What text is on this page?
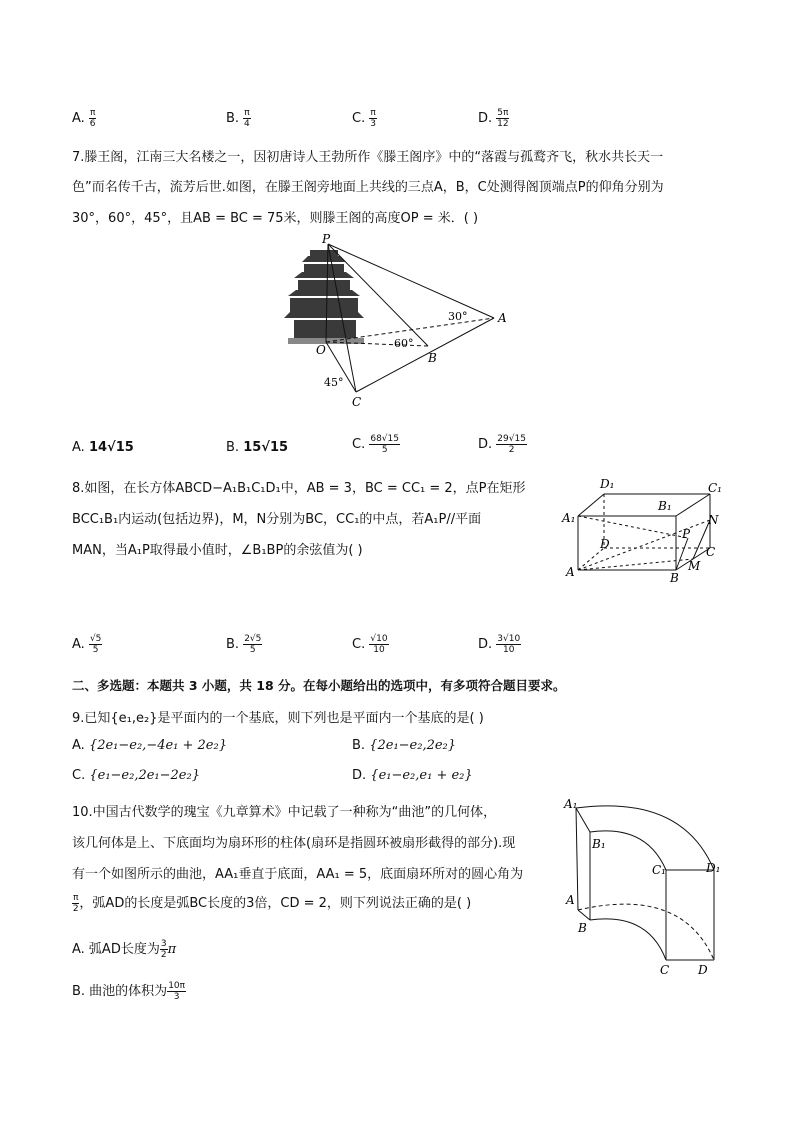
A. $\frac{\pi}{6}$	B. $\frac{\pi}{4}$	C. $\frac{\pi}{3}$	D. $\frac{5\pi}{12}$
7.滕王阁，江南三大名楼之一，因初唐诗人王勃所作《滕王阁序》中的“落霞与孤鹜齐飞，秋水共长天一
色”而名传千古，流芳后世.如图，在滕王阁旁地面上共线的三点A，B，C处测得阁顶端点P的仰角分别为
30°，60°，45°，且AB = BC = 75米，则滕王阁的高度OP = 米．( )
P
O
A
B
C
30°
60°
45°
A. 14√15	B. 15√15	C. $\frac{68√15}{5}$	D. $\frac{29√15}{2}$
8.如图，在长方体ABCD−A₁B₁C₁D₁中，AB = 3，BC = CC₁ = 2，点P在矩形
BCC₁B₁内运动(包括边界)，M，N分别为BC，CC₁的中点，若A₁P//平面
MAN，当A₁P取得最小值时，∠B₁BP的余弦值为( )
D₁	C₁
A₁
B₁
N
D
P
C
A	B
M
A. $\frac{√5}{5}$	B. $\frac{2√5}{5}$	C. $\frac{√10}{10}$	D. $\frac{3√10}{10}$
二、多选题：本题共 3 小题，共 18 分。在每小题给出的选项中，有多项符合题目要求。
9.已知{e₁,e₂}是平面内的一个基底，则下列也是平面内一个基底的是( )
A. {2e₁−e₂,−4e₁ + 2e₂}	B. {2e₁−e₂,2e₂}
C. {e₁−e₂,2e₁−2e₂}	D. {e₁−e₂,e₁ + e₂}
10.中国古代数学的瑰宝《九章算术》中记载了一种称为“曲池”的几何体，
该几何体是上、下底面均为扇环形的柱体(扇环是指圆环被扇形截得的部分).现
有一个如图所示的曲池，AA₁垂直于底面，AA₁ = 5，底面扇环所对的圆心角为
$\frac{\pi}{2}$ ，弧AD的长度是弧BC长度的3倍，CD = 2，则下列说法正确的是( )
A. 弧AD长度为 $\frac{3}{2}$ π
B. 曲池的体积为 $\frac{10\pi}{3}$
A₁
B₁
C₁	D₁
A
B
C D
